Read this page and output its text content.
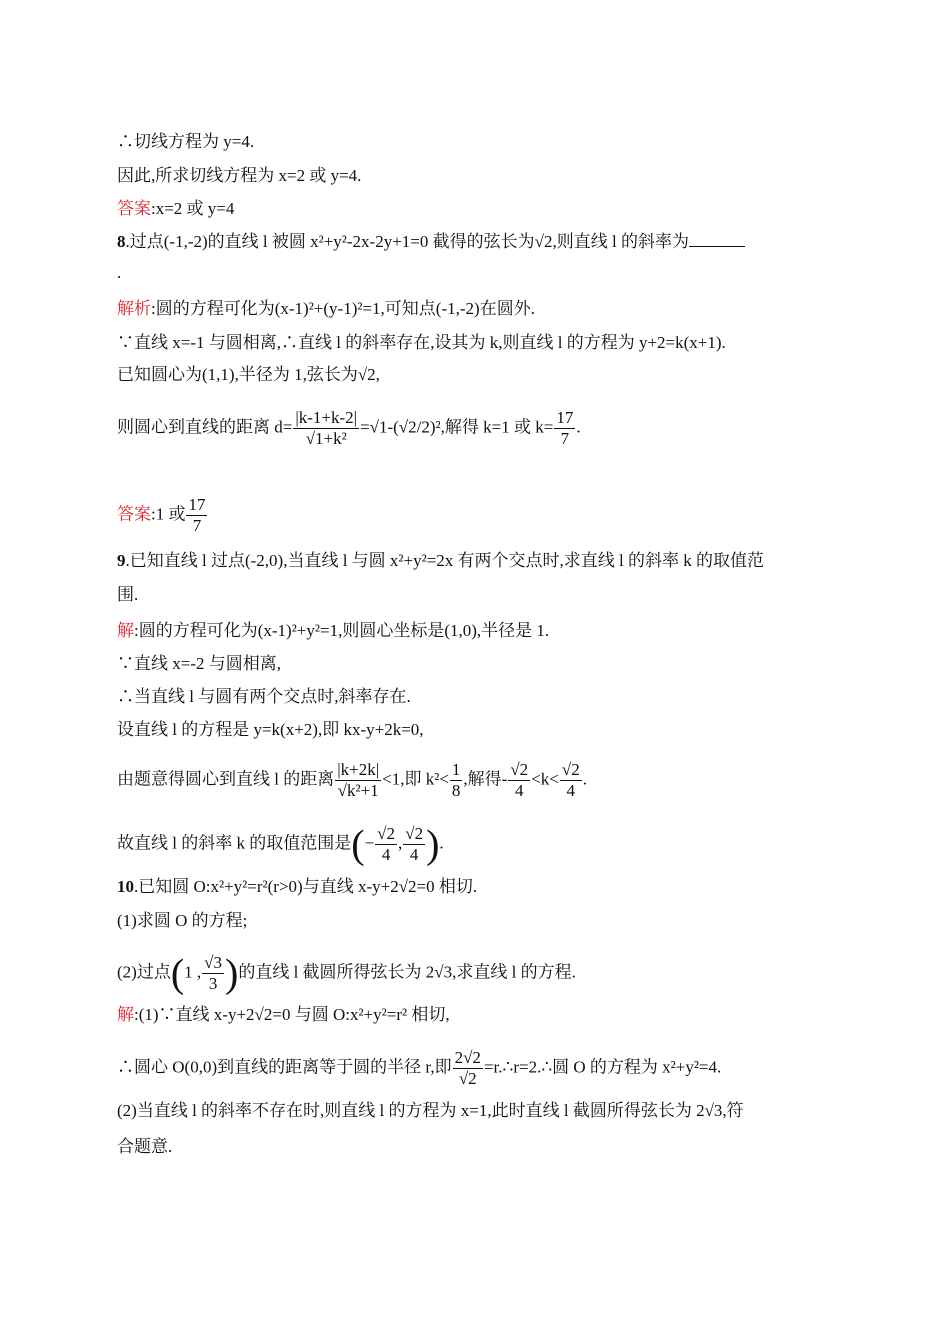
∴切线方程为 y=4.
因此,所求切线方程为 x=2 或 y=4.
答案:x=2 或 y=4
8.过点(-1,-2)的直线 l 被圆 x²+y²-2x-2y+1=0 截得的弦长为√2,则直线 l 的斜率为
.
解析:圆的方程可化为(x-1)²+(y-1)²=1,可知点(-1,-2)在圆外.
∵直线 x=-1 与圆相离,∴直线 l 的斜率存在,设其为 k,则直线 l 的方程为 y+2=k(x+1).
已知圆心为(1,1),半径为 1,弦长为√2,
则圆心到直线的距离 $d= \frac{|k-1+k-2|}{\text{√1+k²}} =√1-(√2/2)^2$,解得 k=1 或 $k= \frac{17}{7}$ .
答案:1 或 $\frac{17}{7}$
9.已知直线 l 过点(-2,0),当直线 l 与圆 x²+y²=2x 有两个交点时,求直线 l 的斜率 k 的取值范
围.
解:圆的方程可化为(x-1)²+y²=1,则圆心坐标是(1,0),半径是 1.
∵直线 x=-2 与圆相离,
∴当直线 l 与圆有两个交点时,斜率存在.
设直线 l 的方程是 y=k(x+2),即 kx-y+2k=0,
由题意得圆心到直线 l 的距离 $\frac{|k+2k|}{\text{√k²+1}} <1$,即 $k^2< \frac{1}{8}$ ,解得- $\frac{√2}{4} <k< \frac{√2}{4}$ .
故直线 l 的斜率 k 的取值范围是(− $\frac{√2}{4}$ , $\frac{√2}{4}$ ).
10.已知圆 O:x²+y²=r²(r>0)与直线 x-y+2√2=0 相切.
(1)求圆 O 的方程;
(2)过点(1 , $\frac{√3}{3}$ )的直线 l 截圆所得弦长为 2√3,求直线 l 的方程.
解:(1)∵直线 x-y+2√2=0 与圆 O:x²+y²=r² 相切,
∴圆心 O(0,0)到直线的距离等于圆的半径 r,即 $\frac{2√2}{√2}$ =r.∴r=2.∴圆 O 的方程为 x²+y²=4.
(2)当直线 l 的斜率不存在时,则直线 l 的方程为 x=1,此时直线 l 截圆所得弦长为 2√3,符
合题意.
